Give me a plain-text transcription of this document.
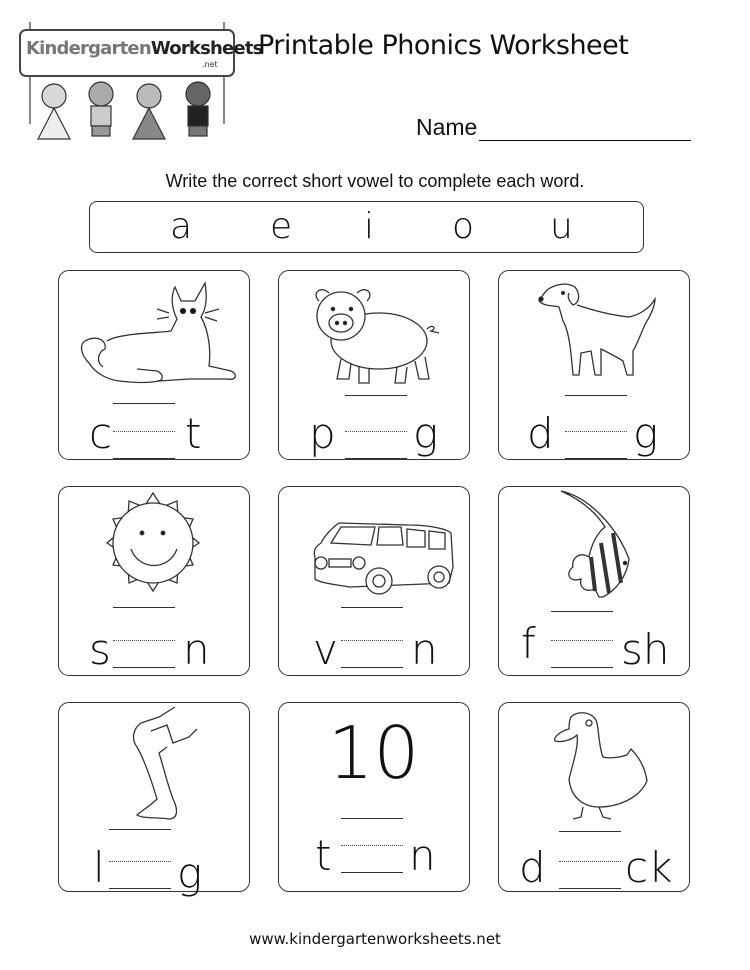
KindergartenWorksheets
.net
Printable Phonics Worksheet
Name
Write the correct short vowel to complete each word.
a e i o u
c t	p g d g
s n v n f sh
l g
10
t n d ck
www.kindergartenworksheets.net
